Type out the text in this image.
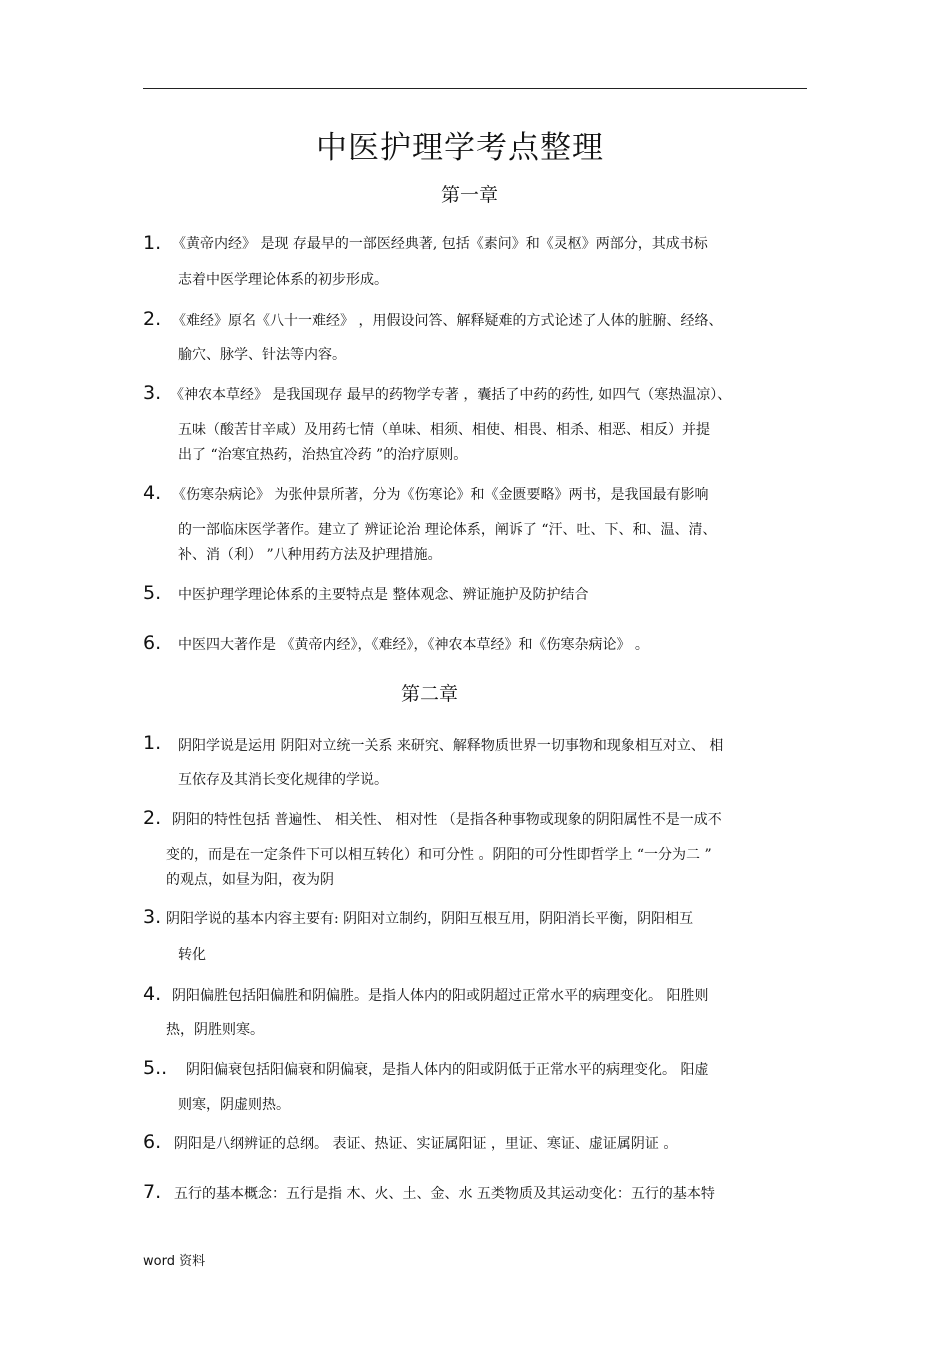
中医护理学考点整理
第一章
第二章
1. 《黄帝内经》 是现 存最早的一部医经典著, 包括《素问》和《灵枢》两部分，其成书标
志着中医学理论体系的初步形成。
2. 《难经》原名《八十一难经》 ，用假设问答、解释疑难的方式论述了人体的脏腑、经络、
腧穴、脉学、针法等内容。
3. 《神农本草经》 是我国现存 最早的药物学专著 ，囊括了中药的药性, 如四气（寒热温凉）、
五味（酸苦甘辛咸）及用药七情（单味、相须、相使、相畏、相杀、相恶、相反）并提
出了 “治寒宜热药，治热宜冷药 ”的治疗原则。
4. 《伤寒杂病论》 为张仲景所著，分为《伤寒论》和《金匮要略》两书，是我国最有影响
的一部临床医学著作。建立了 辨证论治 理论体系，阐诉了 “汗、吐、下、和、温、清、
补、消（利） ”八种用药方法及护理措施。
5. 中医护理学理论体系的主要特点是 整体观念、辨证施护及防护结合
6. 中医四大著作是 《黄帝内经》，《难经》，《神农本草经》和《伤寒杂病论》 。
1. 阴阳学说是运用 阴阳对立统一关系 来研究、解释物质世界一切事物和现象相互对立、 相
互依存及其消长变化规律的学说。
2. 阴阳的特性包括 普遍性、 相关性、 相对性 （是指各种事物或现象的阴阳属性不是一成不
变的，而是在一定条件下可以相互转化）和可分性 。阴阳的可分性即哲学上 “一分为二 ”
的观点，如昼为阳，夜为阴
3. 阴阳学说的基本内容主要有: 阴阳对立制约，阴阳互根互用，阴阳消长平衡，阴阳相互
转化
4. 阴阳偏胜包括阳偏胜和阴偏胜。是指人体内的阳或阴超过正常水平的病理变化。 阳胜则
热，阴胜则寒。
5.. 阴阳偏衰包括阳偏衰和阴偏衰，是指人体内的阳或阴低于正常水平的病理变化。 阳虚
则寒，阴虚则热。
6. 阴阳是八纲辨证的总纲。 表证、热证、实证属阳证 ，里证、寒证、虚证属阴证 。
7. 五行的基本概念：五行是指 木、火、土、金、水 五类物质及其运动变化：五行的基本特
word 资料
